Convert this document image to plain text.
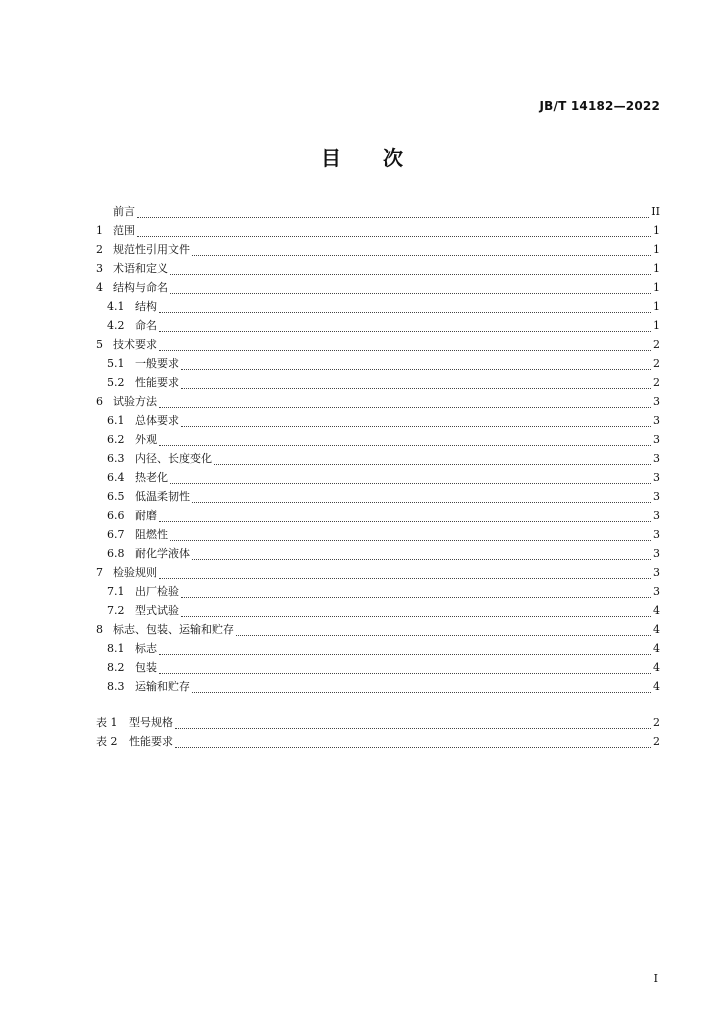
JB/T 14182—2022
目次
前言	II
1 范围	1
2 规范性引用文件	1
3 术语和定义	1
4 结构与命名	1
4.1 结构	1
4.2 命名	1
5 技术要求	2
5.1 一般要求	2
5.2 性能要求	2
6 试验方法	3
6.1 总体要求	3
6.2 外观	3
6.3 内径、长度变化	3
6.4 热老化	3
6.5 低温柔韧性	3
6.6 耐磨	3
6.7 阻燃性	3
6.8 耐化学液体	3
7 检验规则	3
7.1 出厂检验	3
7.2 型式试验	4
8 标志、包装、运输和贮存	4
8.1 标志	4
8.2 包装	4
8.3 运输和贮存	4
表 1	型号规格	2
表 2	性能要求	2
I
